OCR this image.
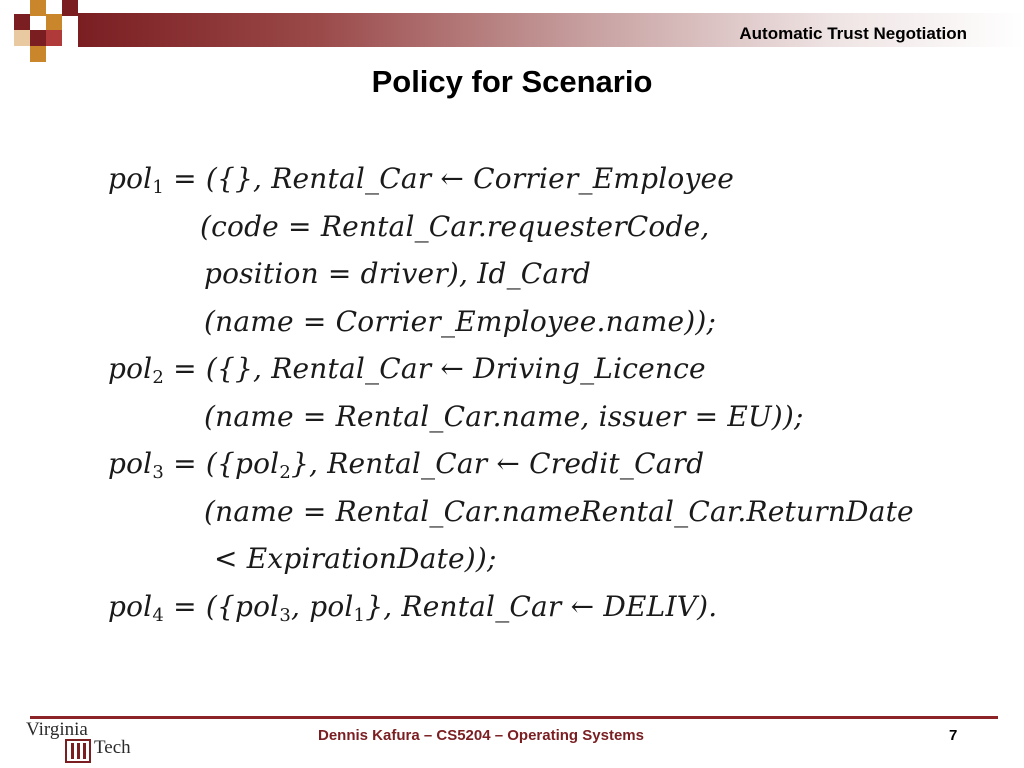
Automatic Trust Negotiation
Policy for Scenario
pol$_1$ = ({}, Rental_Car ← Corrier_Employee
(code = Rental_Car.requesterCode,
position = driver), Id_Card
(name = Corrier_Employee.name));
pol$_2$ = ({}, Rental_Car ← Driving_Licence
(name = Rental_Car.name, issuer = EU));
pol$_3$ = ({pol$_2$}, Rental_Car ← Credit_Card
(name = Rental_Car.nameRental_Car.ReturnDate
< ExpirationDate));
pol$_4$ = ({pol$_3$, pol$_1$}, Rental_Car ← DELIV).
Virginia
Tech
Dennis Kafura – CS5204 – Operating Systems	7
